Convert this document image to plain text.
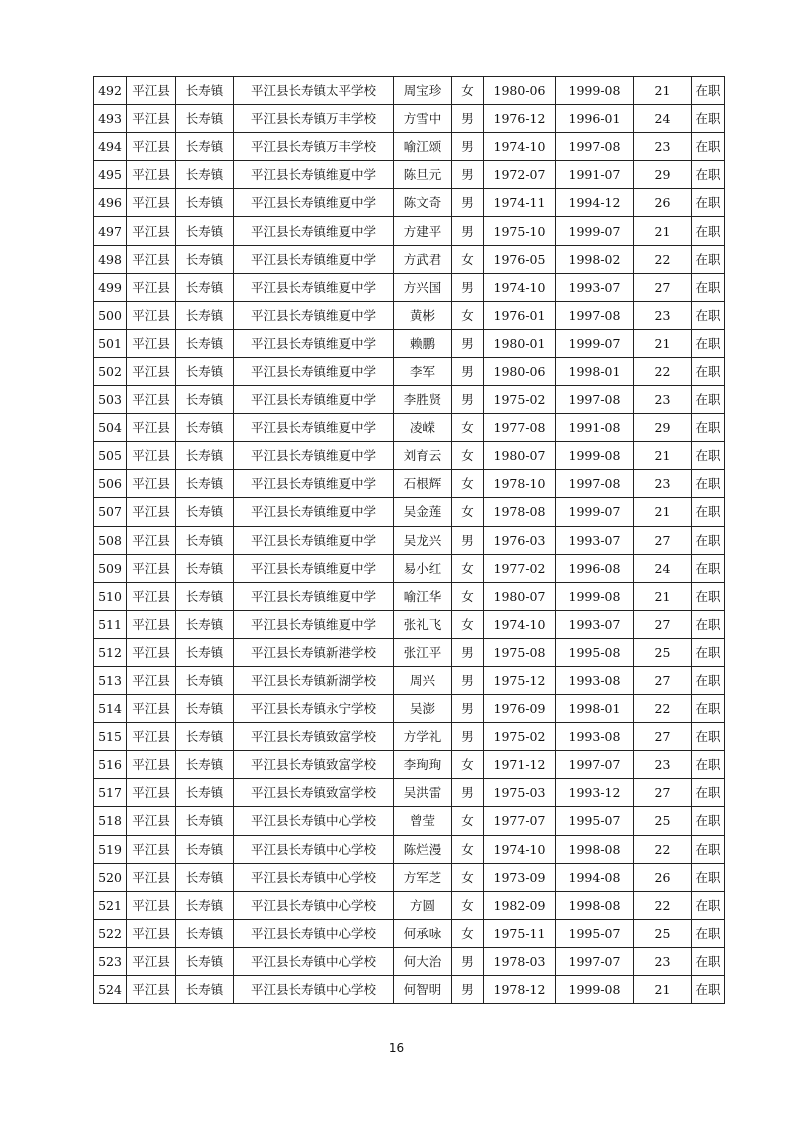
492	平江县	长寿镇	平江县长寿镇太平学校	周宝珍	女	1980-06	1999-08	21	在职
493	平江县	长寿镇	平江县长寿镇万丰学校	方雪中	男	1976-12	1996-01	24	在职
494	平江县	长寿镇	平江县长寿镇万丰学校	喻江颂	男	1974-10	1997-08	23	在职
495	平江县	长寿镇	平江县长寿镇维夏中学	陈旦元	男	1972-07	1991-07	29	在职
496	平江县	长寿镇	平江县长寿镇维夏中学	陈文奇	男	1974-11	1994-12	26	在职
497	平江县	长寿镇	平江县长寿镇维夏中学	方建平	男	1975-10	1999-07	21	在职
498	平江县	长寿镇	平江县长寿镇维夏中学	方武君	女	1976-05	1998-02	22	在职
499	平江县	长寿镇	平江县长寿镇维夏中学	方兴国	男	1974-10	1993-07	27	在职
500	平江县	长寿镇	平江县长寿镇维夏中学	黄彬	女	1976-01	1997-08	23	在职
501	平江县	长寿镇	平江县长寿镇维夏中学	赖鹏	男	1980-01	1999-07	21	在职
502	平江县	长寿镇	平江县长寿镇维夏中学	李军	男	1980-06	1998-01	22	在职
503	平江县	长寿镇	平江县长寿镇维夏中学	李胜贤	男	1975-02	1997-08	23	在职
504	平江县	长寿镇	平江县长寿镇维夏中学	凌嵘	女	1977-08	1991-08	29	在职
505	平江县	长寿镇	平江县长寿镇维夏中学	刘育云	女	1980-07	1999-08	21	在职
506	平江县	长寿镇	平江县长寿镇维夏中学	石根辉	女	1978-10	1997-08	23	在职
507	平江县	长寿镇	平江县长寿镇维夏中学	吴金莲	女	1978-08	1999-07	21	在职
508	平江县	长寿镇	平江县长寿镇维夏中学	吴龙兴	男	1976-03	1993-07	27	在职
509	平江县	长寿镇	平江县长寿镇维夏中学	易小红	女	1977-02	1996-08	24	在职
510	平江县	长寿镇	平江县长寿镇维夏中学	喻江华	女	1980-07	1999-08	21	在职
511	平江县	长寿镇	平江县长寿镇维夏中学	张礼飞	女	1974-10	1993-07	27	在职
512	平江县	长寿镇	平江县长寿镇新港学校	张江平	男	1975-08	1995-08	25	在职
513	平江县	长寿镇	平江县长寿镇新湖学校	周兴	男	1975-12	1993-08	27	在职
514	平江县	长寿镇	平江县长寿镇永宁学校	吴澎	男	1976-09	1998-01	22	在职
515	平江县	长寿镇	平江县长寿镇致富学校	方学礼	男	1975-02	1993-08	27	在职
516	平江县	长寿镇	平江县长寿镇致富学校	李珣珣	女	1971-12	1997-07	23	在职
517	平江县	长寿镇	平江县长寿镇致富学校	吴洪雷	男	1975-03	1993-12	27	在职
518	平江县	长寿镇	平江县长寿镇中心学校	曾莹	女	1977-07	1995-07	25	在职
519	平江县	长寿镇	平江县长寿镇中心学校	陈烂漫	女	1974-10	1998-08	22	在职
520	平江县	长寿镇	平江县长寿镇中心学校	方军芝	女	1973-09	1994-08	26	在职
521	平江县	长寿镇	平江县长寿镇中心学校	方圆	女	1982-09	1998-08	22	在职
522	平江县	长寿镇	平江县长寿镇中心学校	何承咏	女	1975-11	1995-07	25	在职
523	平江县	长寿镇	平江县长寿镇中心学校	何大治	男	1978-03	1997-07	23	在职
524	平江县	长寿镇	平江县长寿镇中心学校	何智明	男	1978-12	1999-08	21	在职
16
